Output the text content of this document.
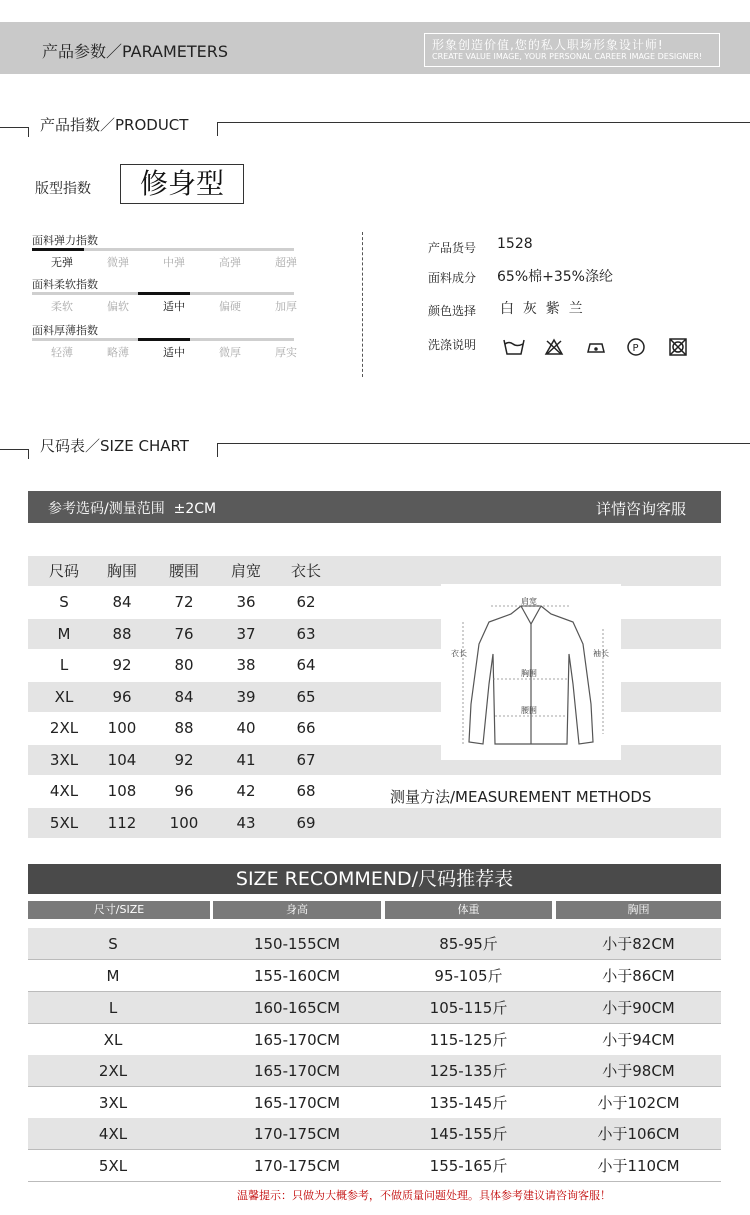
产品参数／PARAMETERS	形象创造价值,您的私人职场形象设计师!
CREATE VALUE IMAGE, YOUR PERSONAL CAREER IMAGE DESIGNER!
产品指数／PRODUCT
版型指数	修身型
面料弹力指数
无弹	微弹	中弹	高弹	超弹
面料柔软指数
柔软	偏软	适中	偏硬	加厚
面料厚薄指数
轻薄	略薄	适中	微厚	厚实
产品货号 1528
面料成分 65%棉+35%涤纶
颜色选择 白  灰  紫  兰
洗涤说明	P
尺码表／SIZE CHART
参考选码/测量范围  ±2CM	详情咨询客服
尺码	胸围	腰围	肩宽	衣长
S	84	72	36	62
M	88	76	37	63
L	92	80	38	64
XL	96	84	39	65
2XL	100	88	40	66
3XL	104	92	41	67
4XL	108	96	42	68
5XL	112	100	43	69
肩宽
衣长	袖长
胸围
腰围
测量方法/MEASUREMENT METHODS
SIZE RECOMMEND/尺码推荐表
尺寸/SIZE	身高	体重	胸围
S	150-155CM	85-95斤	小于82CM
M	155-160CM	95-105斤	小于86CM
L	160-165CM	105-115斤	小于90CM
XL	165-170CM	115-125斤	小于94CM
2XL	165-170CM	125-135斤	小于98CM
3XL	165-170CM	135-145斤	小于102CM
4XL	170-175CM	145-155斤	小于106CM
5XL	170-175CM	155-165斤	小于110CM
温馨提示：只做为大概参考，不做质量问题处理。具体参考建议请咨询客服！
